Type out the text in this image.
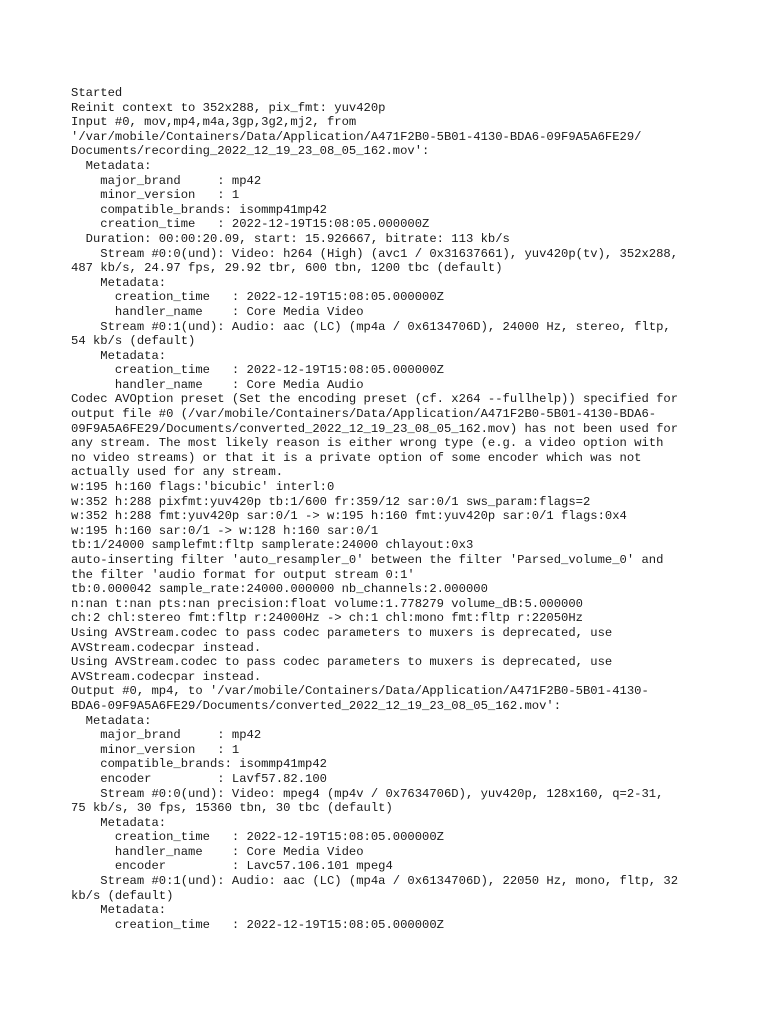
Started
Reinit context to 352x288, pix_fmt: yuv420p
Input #0, mov,mp4,m4a,3gp,3g2,mj2, from
'/var/mobile/Containers/Data/Application/A471F2B0-5B01-4130-BDA6-09F9A5A6FE29/
Documents/recording_2022_12_19_23_08_05_162.mov':
Metadata:
major_brand     : mp42
minor_version   : 1
compatible_brands: isommp41mp42
creation_time   : 2022-12-19T15:08:05.000000Z
Duration: 00:00:20.09, start: 15.926667, bitrate: 113 kb/s
Stream #0:0(und): Video: h264 (High) (avc1 / 0x31637661), yuv420p(tv), 352x288,
487 kb/s, 24.97 fps, 29.92 tbr, 600 tbn, 1200 tbc (default)
Metadata:
creation_time   : 2022-12-19T15:08:05.000000Z
handler_name    : Core Media Video
Stream #0:1(und): Audio: aac (LC) (mp4a / 0x6134706D), 24000 Hz, stereo, fltp,
54 kb/s (default)
Metadata:
creation_time   : 2022-12-19T15:08:05.000000Z
handler_name    : Core Media Audio
Codec AVOption preset (Set the encoding preset (cf. x264 --fullhelp)) specified for
output file #0 (/var/mobile/Containers/Data/Application/A471F2B0-5B01-4130-BDA6-
09F9A5A6FE29/Documents/converted_2022_12_19_23_08_05_162.mov) has not been used for
any stream. The most likely reason is either wrong type (e.g. a video option with
no video streams) or that it is a private option of some encoder which was not
actually used for any stream.
w:195 h:160 flags:'bicubic' interl:0
w:352 h:288 pixfmt:yuv420p tb:1/600 fr:359/12 sar:0/1 sws_param:flags=2
w:352 h:288 fmt:yuv420p sar:0/1 -> w:195 h:160 fmt:yuv420p sar:0/1 flags:0x4
w:195 h:160 sar:0/1 -> w:128 h:160 sar:0/1
tb:1/24000 samplefmt:fltp samplerate:24000 chlayout:0x3
auto-inserting filter 'auto_resampler_0' between the filter 'Parsed_volume_0' and
the filter 'audio format for output stream 0:1'
tb:0.000042 sample_rate:24000.000000 nb_channels:2.000000
n:nan t:nan pts:nan precision:float volume:1.778279 volume_dB:5.000000
ch:2 chl:stereo fmt:fltp r:24000Hz -> ch:1 chl:mono fmt:fltp r:22050Hz
Using AVStream.codec to pass codec parameters to muxers is deprecated, use
AVStream.codecpar instead.
Using AVStream.codec to pass codec parameters to muxers is deprecated, use
AVStream.codecpar instead.
Output #0, mp4, to '/var/mobile/Containers/Data/Application/A471F2B0-5B01-4130-
BDA6-09F9A5A6FE29/Documents/converted_2022_12_19_23_08_05_162.mov':
Metadata:
major_brand     : mp42
minor_version   : 1
compatible_brands: isommp41mp42
encoder         : Lavf57.82.100
Stream #0:0(und): Video: mpeg4 (mp4v / 0x7634706D), yuv420p, 128x160, q=2-31,
75 kb/s, 30 fps, 15360 tbn, 30 tbc (default)
Metadata:
creation_time   : 2022-12-19T15:08:05.000000Z
handler_name    : Core Media Video
encoder         : Lavc57.106.101 mpeg4
Stream #0:1(und): Audio: aac (LC) (mp4a / 0x6134706D), 22050 Hz, mono, fltp, 32
kb/s (default)
Metadata:
creation_time   : 2022-12-19T15:08:05.000000Z
